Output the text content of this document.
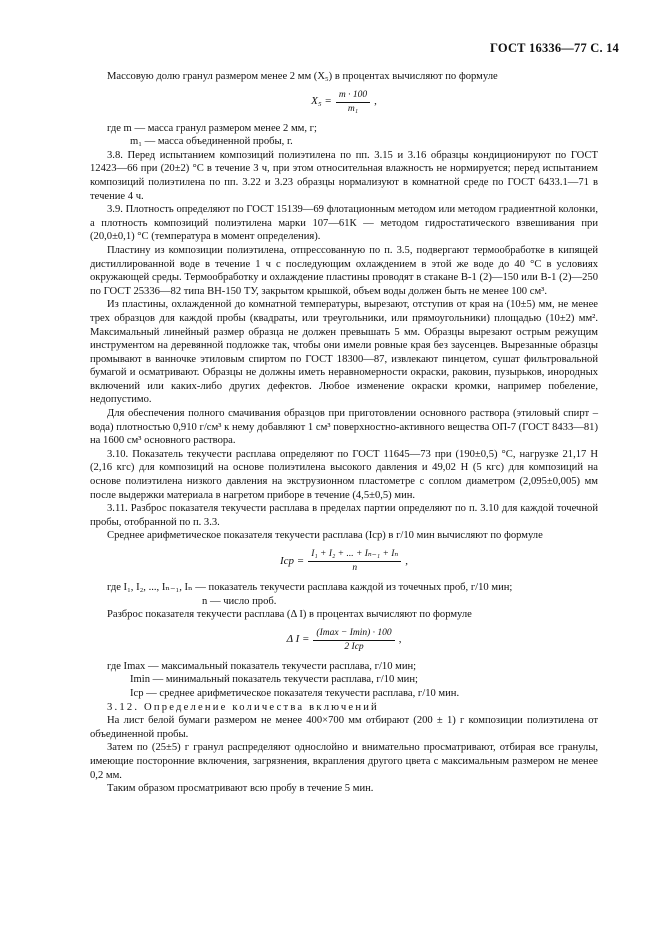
ГОСТ 16336—77 С. 14

Массовую долю гранул размером менее 2 мм (X₅) в процентах вычисляют по формуле

$X_5 = \frac{m \cdot 100}{\text{m₁}}$ ,

где m — масса гранул размером менее 2 мм, г;

m₁ — масса объединенной пробы, г.

3.8. Перед испытанием композиций полиэтилена по пп. 3.15 и 3.16 образцы кондиционируют по ГОСТ 12423—66 при (20±2) °С в течение 3 ч, при этом относительная влажность не нормируется; перед испытанием композиций полиэтилена по пп. 3.22 и 3.23 образцы нормализуют в комнатной среде по ГОСТ 6433.1—71 в течение 4 ч.

3.9. Плотность определяют по ГОСТ 15139—69 флотационным методом или методом градиентной колонки, а плотность композиций полиэтилена марки 107—61К — методом гидростатического взвешивания при (20,0±0,1) °С (температура в момент определения).

Пластину из композиции полиэтилена, отпрессованную по п. 3.5, подвергают термообработке в кипящей дистиллированной воде в течение 1 ч с последующим охлаждением в этой же воде до 40 °С в условиях окружающей среды. Термообработку и охлаждение пластины проводят в стакане В-1 (2)—150 или В-1 (2)—250 по ГОСТ 25336—82 типа ВН-150 ТУ, закрытом крышкой, объем воды должен быть не менее 100 см³.

Из пластины, охлажденной до комнатной температуры, вырезают, отступив от края на (10±5) мм, не менее трех образцов для каждой пробы (квадраты, или треугольники, или прямоугольники) площадью (10±2) мм². Максимальный линейный размер образца не должен превышать 5 мм. Образцы вырезают острым режущим инструментом на деревянной подложке так, чтобы они имели ровные края без заусенцев. Вырезанные образцы промывают в ванночке этиловым спиртом по ГОСТ 18300—87, извлекают пинцетом, сушат фильтровальной бумагой и осматривают. Образцы не должны иметь неравномерности окраски, раковин, пузырьков, инородных включений или каких-либо других дефектов. Любое изменение окраски кромки, например побеление, недопустимо.

Для обеспечения полного смачивания образцов при приготовлении основного раствора (этиловый спирт – вода) плотностью 0,910 г/см³ к нему добавляют 1 см³ поверхностно-активного вещества ОП-7 (ГОСТ 8433—81) на 1600 см³ основного раствора.

3.10. Показатель текучести расплава определяют по ГОСТ 11645—73 при (190±0,5) °С, нагрузке 21,17 Н (2,16 кгс) для композиций на основе полиэтилена высокого давления и 49,02 Н (5 кгс) для композиций на основе полиэтилена низкого давления на экструзионном пластометре с соплом диаметром (2,095±0,005) мм после выдержки материала в нагретом прибоpe в течение (4,5±0,5) мин.

3.11. Разброс показателя текучести расплава в пределах партии определяют по п. 3.10 для каждой точечной пробы, отобранной по п. 3.3.

Среднее арифметическое показателя текучести расплава (Iср) в г/10 мин вычисляют по формуле

Iср = $\frac{\text{I₁ + I₂ + ... + Iₙ₋₁ + Iₙ}}{n}$ ,

где I₁, I₂, ..., Iₙ₋₁, Iₙ — показатель текучести расплава каждой из точечных проб, г/10 мин;

n — число проб.

Разброс показателя текучести расплава (Δ I) в процентах вычисляют по формуле

Δ $I = \frac{(Imax - Imin) \cdot 100}{\text{2 Iср}}$ ,

где Imax — максимальный показатель текучести расплава, г/10 мин;

Imin — минимальный показатель текучести расплава, г/10 мин;

Iср — среднее арифметическое показателя текучести расплава, г/10 мин.

3.12. Определение количества включений

На лист белой бумаги размером не менее 400×700 мм отбирают (200 ± 1) г композиции полиэтилена от объединенной пробы.

Затем по (25±5) г гранул распределяют однослойно и внимательно просматривают, отбирая все гранулы, имеющие посторонние включения, загрязнения, вкрапления другого цвета с максимальным размером не менее 0,2 мм.

Таким образом просматривают всю пробу в течение 5 мин.
